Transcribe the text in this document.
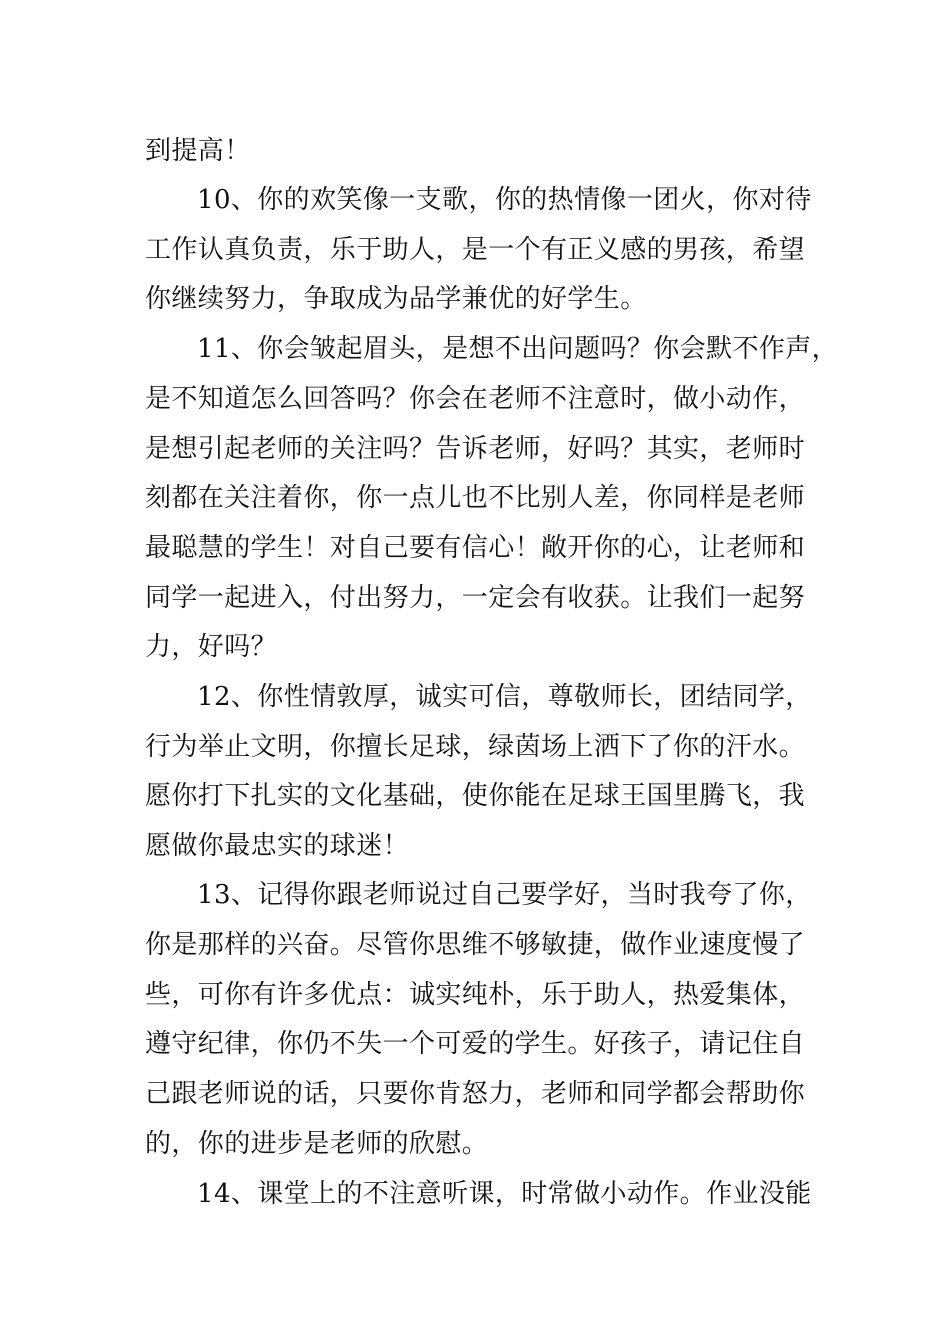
到提高！
10、你的欢笑像一支歌，你的热情像一团火，你对待
工作认真负责，乐于助人，是一个有正义感的男孩，希望
你继续努力，争取成为品学兼优的好学生。
11、你会皱起眉头，是想不出问题吗？你会默不作声，
是不知道怎么回答吗？你会在老师不注意时，做小动作，
是想引起老师的关注吗？告诉老师，好吗？其实，老师时
刻都在关注着你，你一点儿也不比别人差，你同样是老师
最聪慧的学生！对自己要有信心！敞开你的心，让老师和
同学一起进入，付出努力，一定会有收获。让我们一起努
力，好吗？
12、你性情敦厚，诚实可信，尊敬师长，团结同学，
行为举止文明，你擅长足球，绿茵场上洒下了你的汗水。
愿你打下扎实的文化基础，使你能在足球王国里腾飞，我
愿做你最忠实的球迷！
13、记得你跟老师说过自己要学好，当时我夸了你，
你是那样的兴奋。尽管你思维不够敏捷，做作业速度慢了
些，可你有许多优点：诚实纯朴，乐于助人，热爱集体，
遵守纪律，你仍不失一个可爱的学生。好孩子，请记住自
己跟老师说的话，只要你肯怒力，老师和同学都会帮助你
的，你的进步是老师的欣慰。
14、课堂上的不注意听课，时常做小动作。作业没能
